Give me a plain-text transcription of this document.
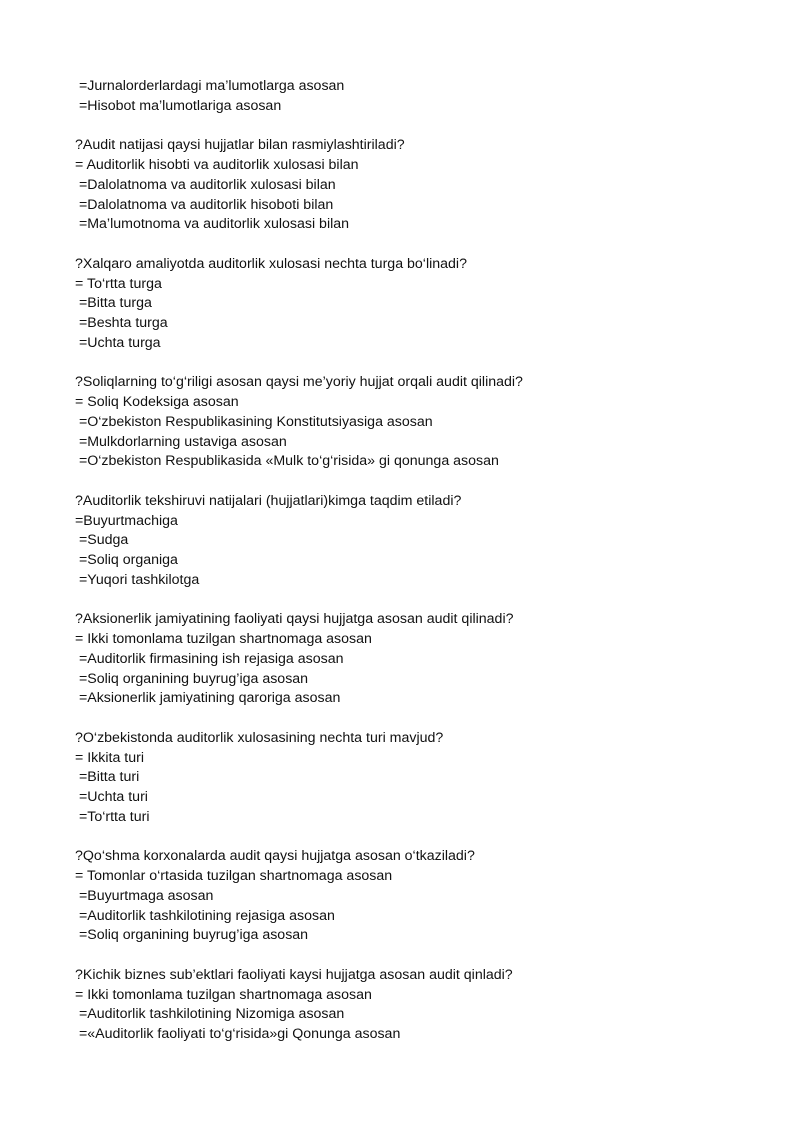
=Jurnalorderlardagi ma’lumotlarga asosan
=Hisobot ma’lumotlariga asosan
?Audit natijasi qaysi hujjatlar bilan rasmiylashtiriladi?
= Auditorlik hisobti va auditorlik xulosasi bilan
=Dalolatnoma va auditorlik xulosasi bilan
=Dalolatnoma va auditorlik hisoboti bilan
=Ma’lumotnoma va auditorlik xulosasi bilan
?Xalqaro amaliyotda auditorlik xulosasi nechta turga bo‘linadi?
= To‘rtta turga
=Bitta turga
=Beshta turga
=Uchta turga
?Soliqlarning to‘g‘riligi asosan qaysi me’yoriy hujjat orqali audit qilinadi?
= Soliq Kodeksiga asosan
=O‘zbekiston Respublikasining Konstitutsiyasiga asosan
=Mulkdorlarning ustaviga asosan
=O‘zbekiston Respublikasida «Mulk to‘g‘risida» gi qonunga asosan
?Auditorlik tekshiruvi natijalari (hujjatlari)kimga taqdim etiladi?
=Buyurtmachiga
=Sudga
=Soliq organiga
=Yuqori tashkilotga
?Aksionerlik jamiyatining faoliyati qaysi hujjatga asosan audit qilinadi?
= Ikki tomonlama tuzilgan shartnomaga asosan
=Auditorlik firmasining ish rejasiga asosan
=Soliq organining buyrug’iga asosan
=Aksionerlik jamiyatining qaroriga asosan
?O‘zbekistonda auditorlik xulosasining nechta turi mavjud?
= Ikkita turi
=Bitta turi
=Uchta turi
=To‘rtta turi
?Qo‘shma korxonalarda audit qaysi hujjatga asosan o‘tkaziladi?
= Tomonlar o‘rtasida tuzilgan shartnomaga asosan
=Buyurtmaga asosan
=Auditorlik tashkilotining rejasiga asosan
=Soliq organining buyrug’iga asosan
?Kichik biznes sub’ektlari faoliyati kaysi hujjatga asosan audit qinladi?
= Ikki tomonlama tuzilgan shartnomaga asosan
=Auditorlik tashkilotining Nizomiga asosan
=«Auditorlik faoliyati to‘g‘risida»gi Qonunga asosan
